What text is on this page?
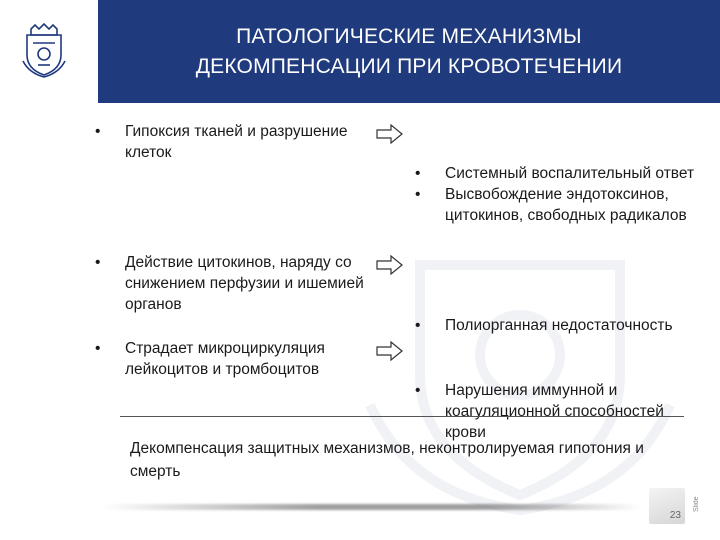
ПАТОЛОГИЧЕСКИЕ МЕХАНИЗМЫ
ДЕКОМПЕНСАЦИИ ПРИ КРОВОТЕЧЕНИИ
•	Гипоксия тканей и разрушение клеток
•	Системный воспалительный ответ
•	Высвобождение эндотоксинов, цитокинов, свободных радикалов
•	Действие цитокинов, наряду со снижением перфузии и ишемией органов
•	Полиорганная недостаточность
•	Страдает микроциркуляция лейкоцитов и тромбоцитов
•	Нарушения иммунной и коагуляционной способностей крови
Декомпенсация защитных механизмов, неконтролируемая гипотония и смерть
23
Slide
